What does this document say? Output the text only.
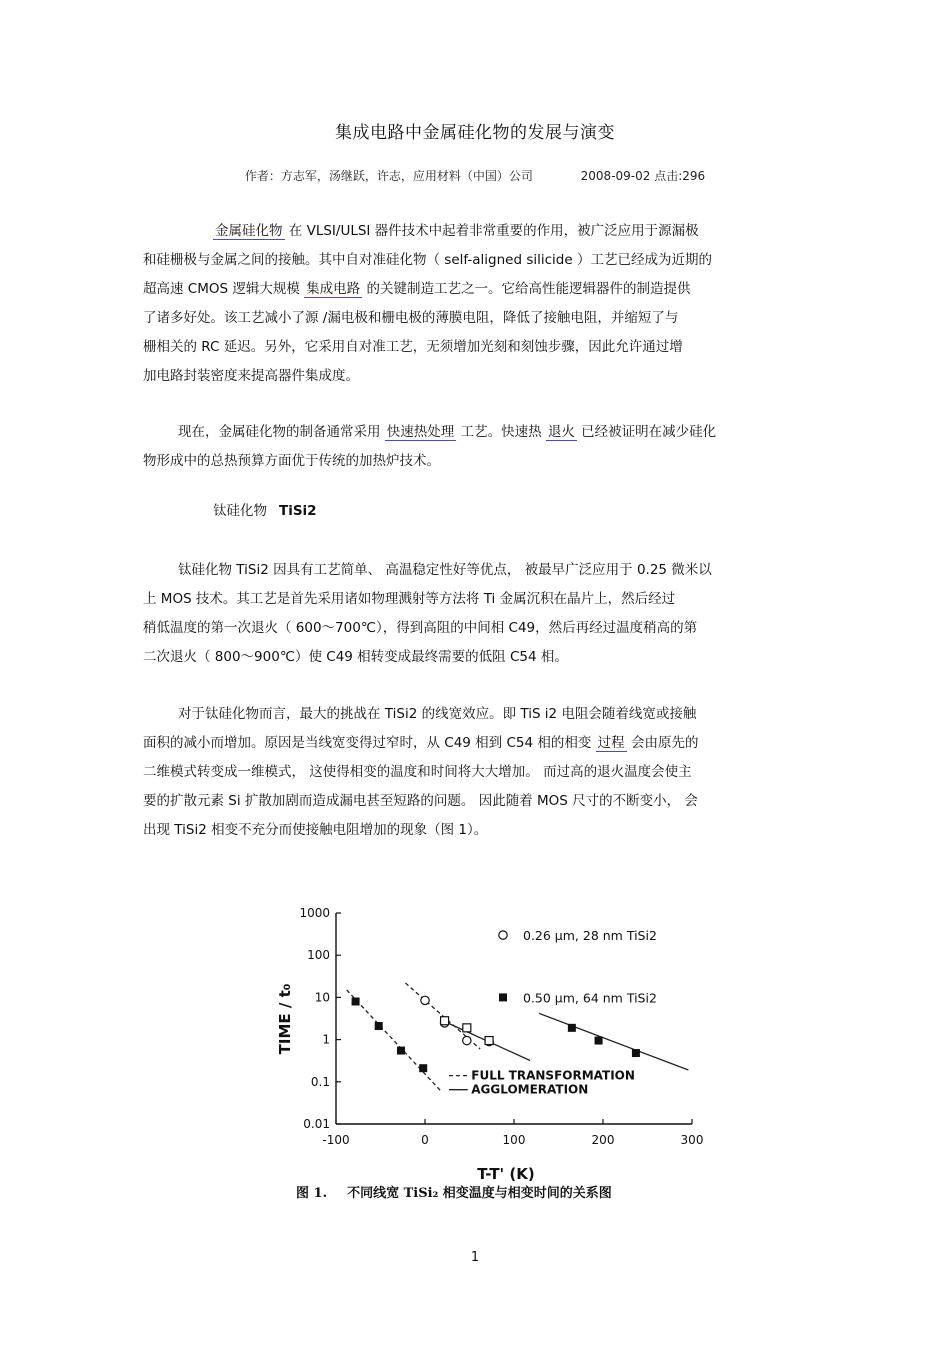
集成电路中金属硅化物的发展与演变
作者：方志军，汤继跃，许志，应用材料（中国）公司	2008-09-02 点击:296
金属硅化物 在 VLSI/ULSI 器件技术中起着非常重要的作用，被广泛应用于源漏极
和硅栅极与金属之间的接触。其中自对准硅化物（ self-aligned silicide ）工艺已经成为近期的
超高速 CMOS 逻辑大规模 集成电路 的关键制造工艺之一。它给高性能逻辑器件的制造提供
了诸多好处。该工艺减小了源 /漏电极和栅电极的薄膜电阻，降低了接触电阻，并缩短了与
栅相关的 RC 延迟。另外，它采用自对准工艺，无须增加光刻和刻蚀步骤，因此允许通过增
加电路封装密度来提高器件集成度。
现在，金属硅化物的制备通常采用 快速热处理 工艺。快速热 退火 已经被证明在减少硅化
物形成中的总热预算方面优于传统的加热炉技术。
钛硅化物 TiSi2
钛硅化物 TiSi2 因具有工艺简单、 高温稳定性好等优点， 被最早广泛应用于 0.25 微米以
上 MOS 技术。其工艺是首先采用诸如物理溅射等方法将 Ti 金属沉积在晶片上，然后经过
稍低温度的第一次退火（ 600～700℃），得到高阻的中间相 C49，然后再经过温度稍高的第
二次退火（ 800～900℃）使 C49 相转变成最终需要的低阻 C54 相。
对于钛硅化物而言，最大的挑战在 TiSi2 的线宽效应。即 TiS i2 电阻会随着线宽或接触
面积的减小而增加。原因是当线宽变得过窄时，从 C49 相到 C54 相的相变 过程 会由原先的
二维模式转变成一维模式， 这使得相变的温度和时间将大大增加。 而过高的退火温度会使主
要的扩散元素 Si 扩散加剧而造成漏电甚至短路的问题。 因此随着 MOS 尺寸的不断变小， 会
出现 TiSi2 相变不充分而使接触电阻增加的现象（图 1）。
0.01
0.1
1
10
100
1000
-100	0	100	200	300
0.26 µm, 28 nm TiSi2
0.50 µm, 64 nm TiSi2
FULL TRANSFORMATION
AGGLOMERATION
T-T' (K)
TIME / t₀
图 1. 不同线宽 TiSi₂ 相变温度与相变时间的关系图
1
